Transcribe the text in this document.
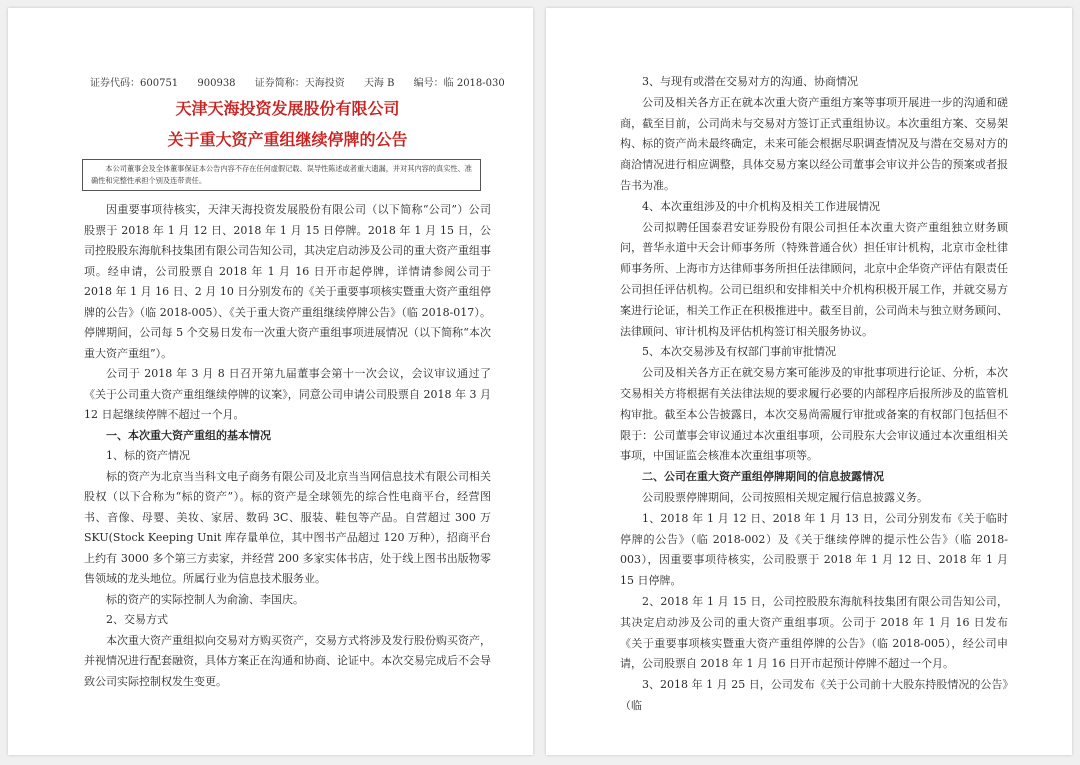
证券代码：600751 900938 证券简称：天海投资 天海 B 编号：临 2018-030
天津天海投资发展股份有限公司
关于重大资产重组继续停牌的公告
本公司董事会及全体董事保证本公告内容不存在任何虚假记载、误导性陈述或者重大遗漏，并对其内容的真实性、准确性和完整性承担个别及连带责任。

因重要事项待核实，天津天海投资发展股份有限公司（以下简称“公司”）公司股票于 2018 年 1 月 12 日、2018 年 1 月 15 日停牌。2018 年 1 月 15 日，公司控股股东海航科技集团有限公司告知公司，其决定启动涉及公司的重大资产重组事项。经申请，公司股票自 2018 年 1 月 16 日开市起停牌，详情请参阅公司于 2018 年 1 月 16 日、2 月 10 日分别发布的《关于重要事项核实暨重大资产重组停牌的公告》（临 2018-005）、《关于重大资产重组继续停牌公告》（临 2018-017）。停牌期间，公司每 5 个交易日发布一次重大资产重组事项进展情况（以下简称“本次重大资产重组”）。

公司于 2018 年 3 月 8 日召开第九届董事会第十一次会议，会议审议通过了《关于公司重大资产重组继续停牌的议案》，同意公司申请公司股票自 2018 年 3 月 12 日起继续停牌不超过一个月。

一、本次重大资产重组的基本情况

1、标的资产情况

标的资产为北京当当科文电子商务有限公司及北京当当网信息技术有限公司相关股权（以下合称为“标的资产”）。标的资产是全球领先的综合性电商平台，经营图书、音像、母婴、美妆、家居、数码 3C、服装、鞋包等产品。自营超过 300 万 SKU(Stock Keeping Unit 库存量单位，其中图书产品超过 120 万种），招商平台上约有 3000 多个第三方卖家，并经营 200 多家实体书店，处于线上图书出版物零售领域的龙头地位。所属行业为信息技术服务业。

标的资产的实际控制人为俞渝、李国庆。

2、交易方式

本次重大资产重组拟向交易对方购买资产，交易方式将涉及发行股份购买资产，并视情况进行配套融资，具体方案正在沟通和协商、论证中。本次交易完成后不会导致公司实际控制权发生变更。

3、与现有或潜在交易对方的沟通、协商情况

公司及相关各方正在就本次重大资产重组方案等事项开展进一步的沟通和磋商，截至目前，公司尚未与交易对方签订正式重组协议。本次重组方案、交易架构、标的资产尚未最终确定，未来可能会根据尽职调查情况及与潜在交易对方的商洽情况进行相应调整，具体交易方案以经公司董事会审议并公告的预案或者报告书为准。

4、本次重组涉及的中介机构及相关工作进展情况

公司拟聘任国泰君安证券股份有限公司担任本次重大资产重组独立财务顾问，普华永道中天会计师事务所（特殊普通合伙）担任审计机构，北京市金杜律师事务所、上海市方达律师事务所担任法律顾问，北京中企华资产评估有限责任公司担任评估机构。公司已组织和安排相关中介机构积极开展工作，并就交易方案进行论证，相关工作正在积极推进中。截至目前，公司尚未与独立财务顾问、法律顾问、审计机构及评估机构签订相关服务协议。

5、本次交易涉及有权部门事前审批情况

公司及相关各方正在就交易方案可能涉及的审批事项进行论证、分析，本次交易相关方将根据有关法律法规的要求履行必要的内部程序后报所涉及的监管机构审批。截至本公告披露日，本次交易尚需履行审批或备案的有权部门包括但不限于：公司董事会审议通过本次重组事项，公司股东大会审议通过本次重组相关事项，中国证监会核准本次重组事项等。

二、公司在重大资产重组停牌期间的信息披露情况

公司股票停牌期间，公司按照相关规定履行信息披露义务。

1、2018 年 1 月 12 日、2018 年 1 月 13 日，公司分别发布《关于临时停牌的公告》（临 2018-002）及《关于继续停牌的提示性公告》（临 2018-003），因重要事项待核实，公司股票于 2018 年 1 月 12 日、2018 年 1 月 15 日停牌。

2、2018 年 1 月 15 日，公司控股股东海航科技集团有限公司告知公司，其决定启动涉及公司的重大资产重组事项。公司于 2018 年 1 月 16 日发布《关于重要事项核实暨重大资产重组停牌的公告》（临 2018-005），经公司申请，公司股票自 2018 年 1 月 16 日开市起预计停牌不超过一个月。

3、2018 年 1 月 25 日，公司发布《关于公司前十大股东持股情况的公告》（临
